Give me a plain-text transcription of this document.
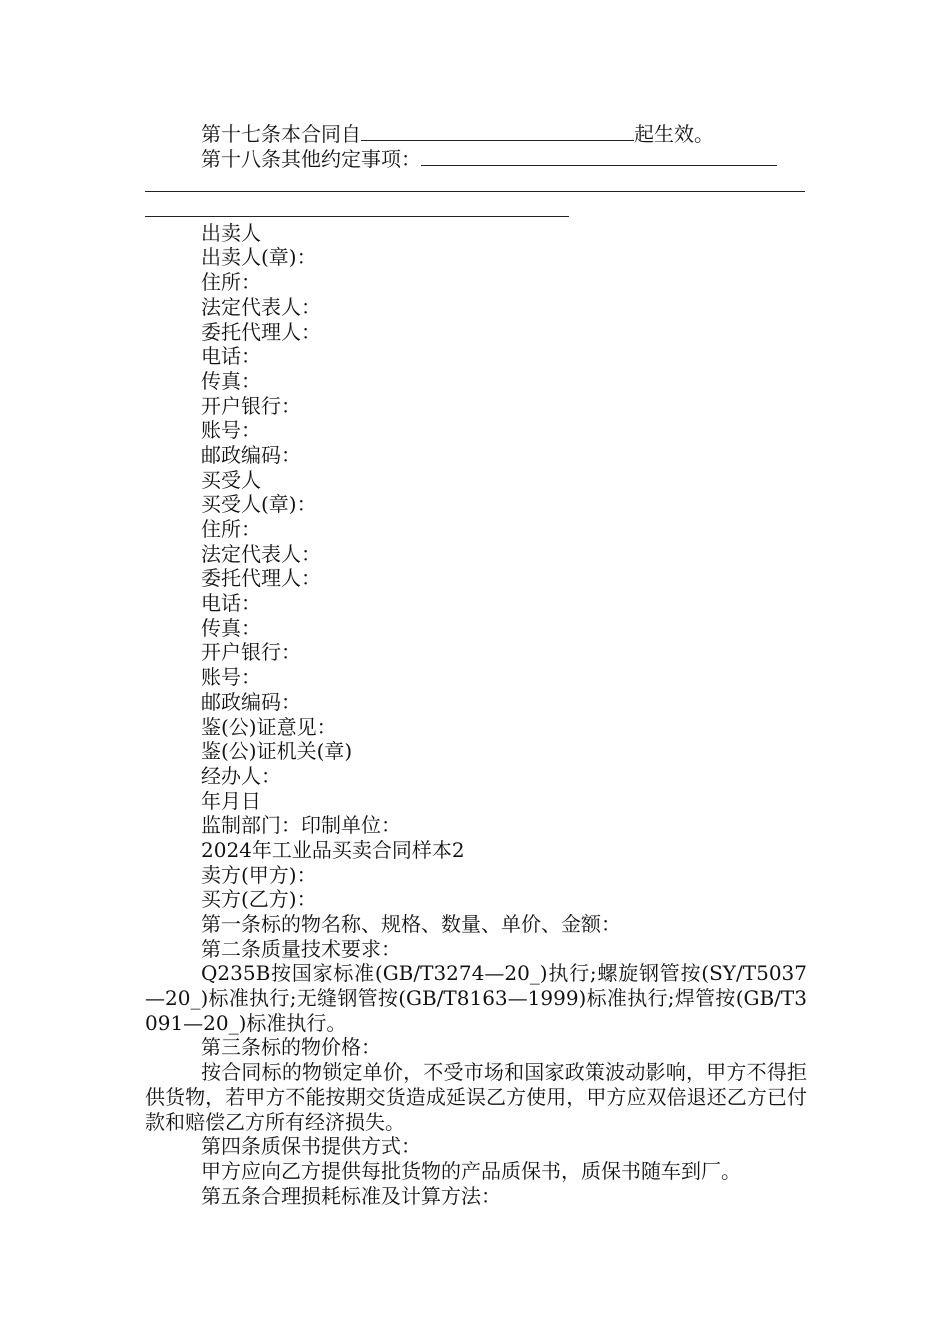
第十七条本合同自	起生效。
第十八条其他约定事项：
出卖人
出卖人(章)：
住所：
法定代表人：
委托代理人：
电话：
传真：
开户银行：
账号：
邮政编码：
买受人
买受人(章)：
住所：
法定代表人：
委托代理人：
电话：
传真：
开户银行：
账号：
邮政编码：
鉴(公)证意见：
鉴(公)证机关(章)
经办人：
年月日
监制部门：印制单位：
2024年工业品买卖合同样本2
卖方(甲方)：
买方(乙方)：
第一条标的物名称、规格、数量、单价、金额：
第二条质量技术要求：
Q235B按国家标准(GB/T3274—20_)执行;螺旋钢管按(SY/T5037—20_)标准执行;无缝钢管按(GB/T8163—1999)标准执行;焊管按(GB/T3091—20_)标准执行。
第三条标的物价格：
按合同标的物锁定单价，不受市场和国家政策波动影响，甲方不得拒供货物，若甲方不能按期交货造成延误乙方使用，甲方应双倍退还乙方已付款和赔偿乙方所有经济损失。
第四条质保书提供方式：
甲方应向乙方提供每批货物的产品质保书，质保书随车到厂。
第五条合理损耗标准及计算方法：
